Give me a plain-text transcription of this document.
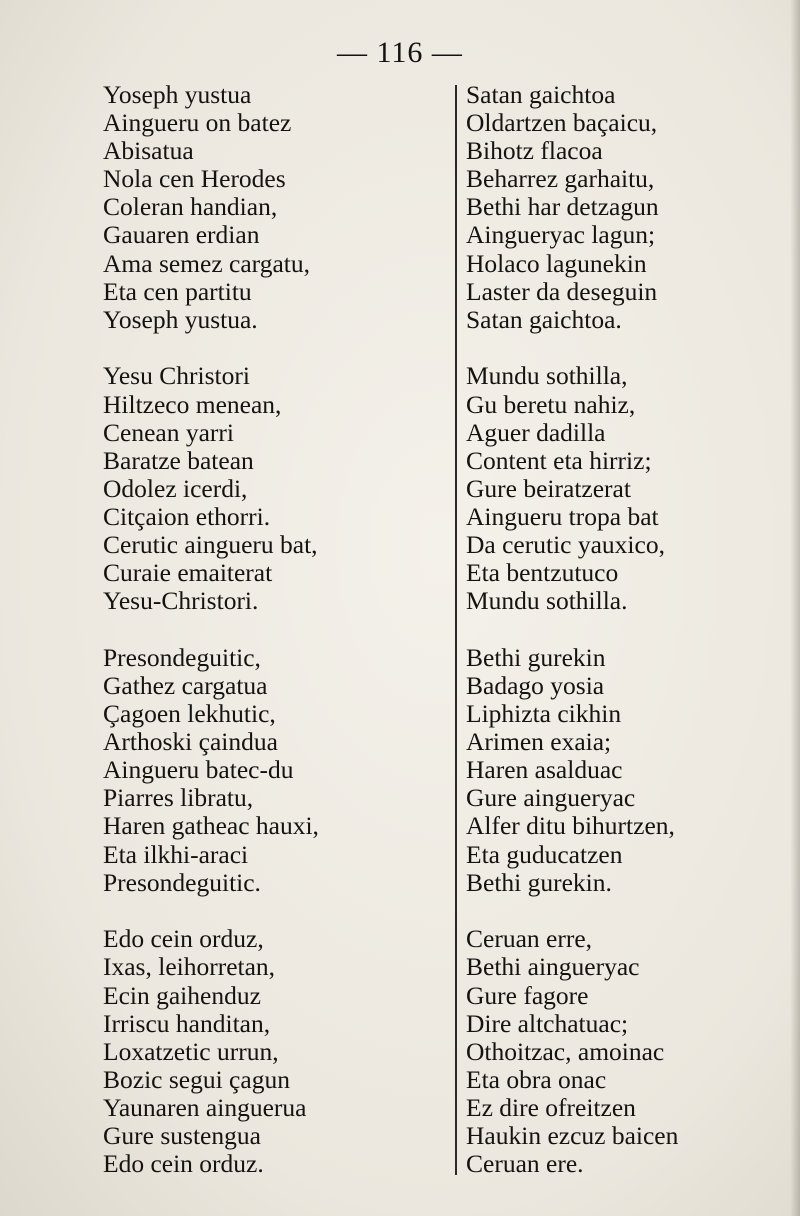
— 116 —
Yoseph yustua
Aingueru on batez
Abisatua
Nola cen Herodes
Coleran handian,
Gauaren erdian
Ama semez cargatu,
Eta cen partitu
Yoseph yustua.
Yesu Christori
Hiltzeco menean,
Cenean yarri
Baratze batean
Odolez icerdi,
Citçaion ethorri.
Cerutic aingueru bat,
Curaie emaiterat
Yesu-Christori.
Presondeguitic,
Gathez cargatua
Çagoen lekhutic,
Arthoski çaindua
Aingueru batec-du
Piarres libratu,
Haren gatheac hauxi,
Eta ilkhi-araci
Presondeguitic.
Edo cein orduz,
Ixas, leihorretan,
Ecin gaihenduz
Irriscu handitan,
Loxatzetic urrun,
Bozic segui çagun
Yaunaren ainguerua
Gure sustengua
Edo cein orduz.
Satan gaichtoa
Oldartzen baçaicu,
Bihotz flacoa
Beharrez garhaitu,
Bethi har detzagun
Ainguerуac lagun;
Holaco lagunekin
Laster da deseguin
Satan gaichtoa.
Mundu sothilla,
Gu beretu nahiz,
Aguer dadilla
Content eta hirriz;
Gure beiratzerat
Aingueru tropa bat
Da cerutic yauxico,
Eta bentzutuco
Mundu sothilla.
Bethi gurekin
Badago yosia
Liphizta cikhin
Arimen exaia;
Haren asalduac
Gure ainguerуac
Alfer ditu bihurtzen,
Eta guducatzen
Bethi gurekin.
Ceruan erre,
Bethi ainguerуac
Gure fagore
Dire altchatuac;
Othoitzac, amoinac
Eta obra onac
Ez dire ofreitzen
Haukin ezcuz baicen
Ceruan ere.
